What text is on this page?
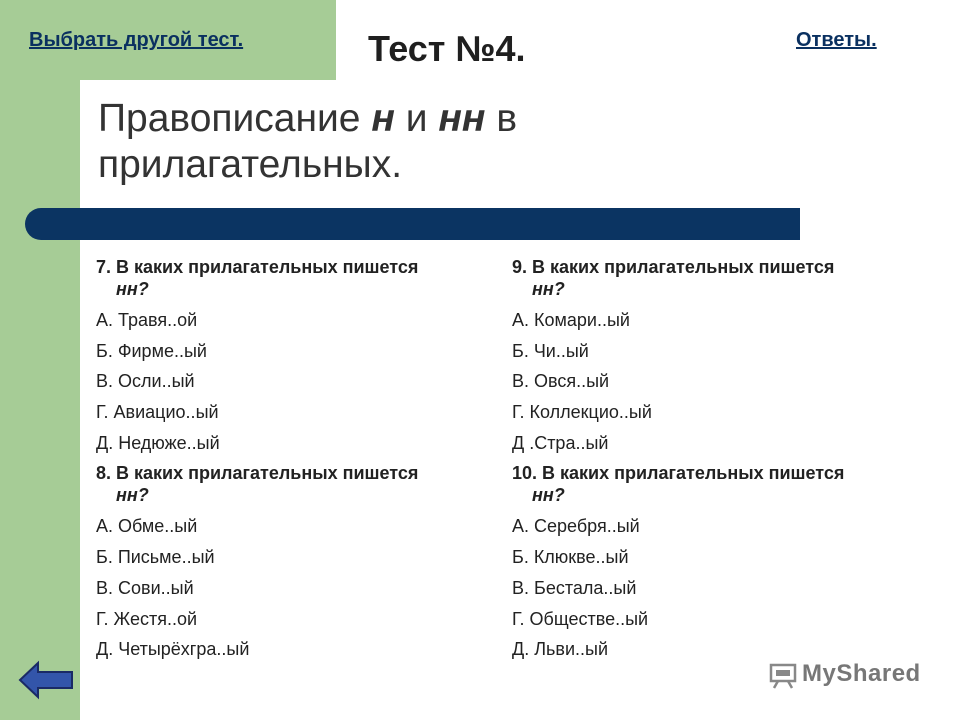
Выбрать другой тест.	Тест №4.	Ответы.
Правописание н и нн в прилагательных.

7. В каких прилагательных пишется
нн?

А. Травя..ой

Б. Фирме..ый

В. Осли..ый

Г. Авиацио..ый

Д. Недюже..ый

8. В каких прилагательных пишется
нн?

А. Обме..ый

Б. Письме..ый

В. Сови..ый

Г. Жестя..ой

Д. Четырёхгра..ый

9. В каких прилагательных пишется
нн?

А. Комари..ый

Б. Чи..ый

В. Овся..ый

Г. Коллекцио..ый

Д .Стра..ый

10. В каких прилагательных пишется
нн?

А. Серебря..ый

Б. Клюкве..ый

В. Бестала..ый

Г. Обществе..ый

Д. Льви..ый

MyShared
